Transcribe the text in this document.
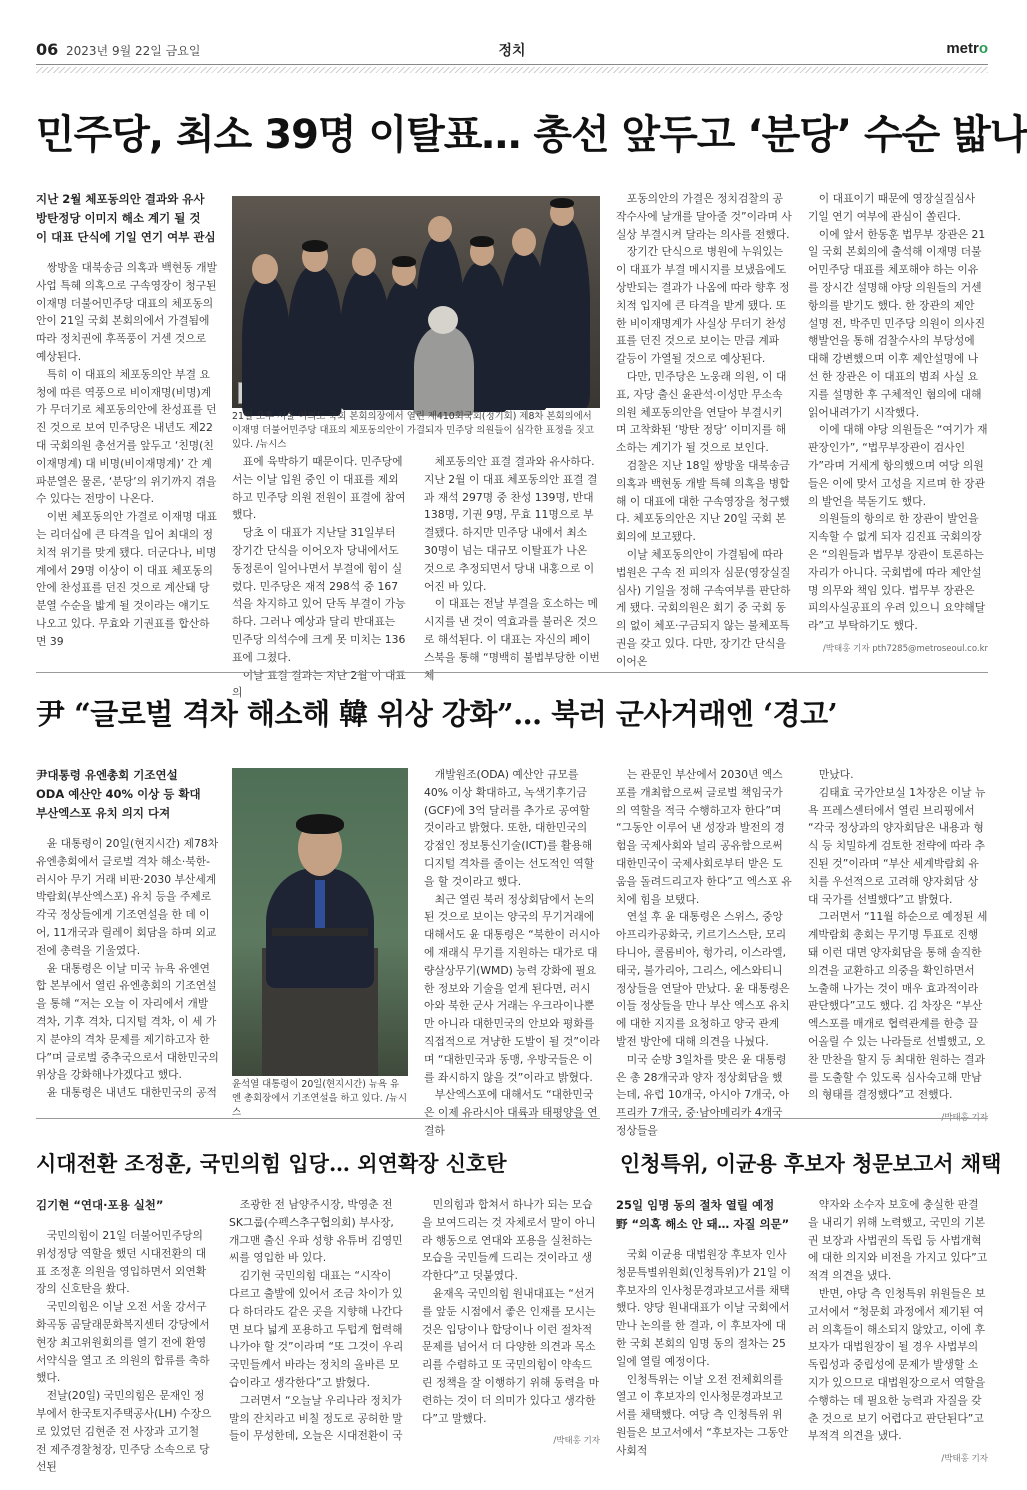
06 2023년 9월 22일 금요일	정치	metro
민주당, 최소 39명 이탈표… 총선 앞두고 ‘분당’ 수순 밟나
지난 2월 체포동의안 결과와 유사
방탄정당 이미지 해소 계기 될 것
이 대표 단식에 기일 연기 여부 관심

쌍방울 대북송금 의혹과 백현동 개발사업 특혜 의혹으로 구속영장이 청구된 이재명 더불어민주당 대표의 체포동의안이 21일 국회 본회의에서 가결됨에 따라 정치권에 후폭풍이 거센 것으로 예상된다.

특히 이 대표의 체포동의안 부결 요청에 따른 역풍으로 비이재명(비명)계가 무더기로 체포동의안에 찬성표를 던진 것으로 보여 민주당은 내년도 제22대 국회의원 총선거를 앞두고 ‘친명(친이재명계) 대 비명(비이재명계)’ 간 계파분열은 물론, ‘분당’의 위기까지 겪을 수 있다는 전망이 나온다.

이번 체포동의안 가결로 이재명 대표는 리더십에 큰 타격을 입어 최대의 정치적 위기를 맞게 됐다. 더군다나, 비명계에서 29명 이상이 이 대표 체포동의안에 찬성표를 던진 것으로 계산돼 당 분열 수순을 밟게 될 것이라는 얘기도 나오고 있다. 무효와 기권표를 합산하면 39

21일 오후 서울 여의도 국회 본회의장에서 열린 제410회국회(정기회) 제8차 본회의에서 이재명 더불어민주당 대표의 체포동의안이 가결되자 민주당 의원들이 심각한 표정을 짓고 있다. /뉴시스

표에 육박하기 때문이다. 민주당에서는 이날 입원 중인 이 대표를 제외하고 민주당 의원 전원이 표결에 참여했다.

당초 이 대표가 지난달 31일부터 장기간 단식을 이어오자 당내에서도 동정론이 일어나면서 부결에 힘이 실렸다. 민주당은 재적 298석 중 167석을 차지하고 있어 단독 부결이 가능하다. 그러나 예상과 달리 반대표는 민주당 의석수에 크게 못 미치는 136표에 그쳤다.

이날 표결 결과는 지난 2월 이 대표의

체포동의안 표결 결과와 유사하다. 지난 2월 이 대표 체포동의안 표결 결과 재석 297명 중 찬성 139명, 반대 138명, 기권 9명, 무효 11명으로 부결됐다. 하지만 민주당 내에서 최소 30명이 넘는 대규모 이탈표가 나온 것으로 추정되면서 당내 내홍으로 이어진 바 있다.

이 대표는 전날 부결을 호소하는 메시지를 낸 것이 역효과를 불러온 것으로 해석된다. 이 대표는 자신의 페이스북을 통해 “명백히 불법부당한 이번 체

포동의안의 가결은 정치검찰의 공작수사에 날개를 달아줄 것”이라며 사실상 부결시켜 달라는 의사를 전했다.

장기간 단식으로 병원에 누워있는 이 대표가 부결 메시지를 보냈음에도 상반되는 결과가 나옴에 따라 향후 정치적 입지에 큰 타격을 받게 됐다. 또한 비이재명계가 사실상 무더기 찬성표를 던진 것으로 보이는 만큼 계파 갈등이 가열될 것으로 예상된다.

다만, 민주당은 노웅래 의원, 이 대표, 자당 출신 윤관석·이성만 무소속 의원 체포동의안을 연달아 부결시키며 고착화된 ‘방탄 정당’ 이미지를 해소하는 계기가 될 것으로 보인다.

검찰은 지난 18일 쌍방울 대북송금 의혹과 백현동 개발 특혜 의혹을 병합해 이 대표에 대한 구속영장을 청구했다. 체포동의안은 지난 20일 국회 본회의에 보고됐다.

이날 체포동의안이 가결됨에 따라 법원은 구속 전 피의자 심문(영장실질심사) 기일을 정해 구속여부를 판단하게 됐다. 국회의원은 회기 중 국회 동의 없이 체포·구금되지 않는 불체포특권을 갖고 있다. 다만, 장기간 단식을 이어온

이 대표이기 때문에 영장실질심사 기일 연기 여부에 관심이 쏠린다.

이에 앞서 한동훈 법무부 장관은 21일 국회 본회의에 출석해 이재명 더불어민주당 대표를 체포해야 하는 이유를 장시간 설명해 야당 의원들의 거센 항의를 받기도 했다. 한 장관의 제안 설명 전, 박주민 민주당 의원이 의사진행발언을 통해 검찰수사의 부당성에 대해 강변했으며 이후 제안설명에 나선 한 장관은 이 대표의 범죄 사실 요지를 설명한 후 구체적인 혐의에 대해 읽어내려가기 시작했다.

이에 대해 야당 의원들은 “여기가 재판장인가”, “법무부장관이 검사인가”라며 거세게 항의했으며 여당 의원들은 이에 맞서 고성을 지르며 한 장관의 발언을 북돋기도 했다.

의원들의 항의로 한 장관이 발언을 지속할 수 없게 되자 김진표 국회의장은 “의원들과 법무부 장관이 토론하는 자리가 아니다. 국회법에 따라 제안설명 의무와 책임 있다. 법무부 장관은 피의사실공표의 우려 있으니 요약해달라”고 부탁하기도 했다.

/박태홍 기자 pth7285@metroseoul.co.kr
尹 “글로벌 격차 해소해 韓 위상 강화”… 북러 군사거래엔 ‘경고’
尹대통령 유엔총회 기조연설
ODA 예산안 40% 이상 등 확대
부산엑스포 유치 의지 다져

윤 대통령이 20일(현지시간) 제78차 유엔총회에서 글로벌 격차 해소·북한-러시아 무기 거래 비판·2030 부산세계박람회(부산엑스포) 유치 등을 주제로 각국 정상들에게 기조연설을 한 데 이어, 11개국과 릴레이 회담을 하며 외교전에 총력을 기울였다.

윤 대통령은 이날 미국 뉴욕 유엔연합 본부에서 열린 유엔총회의 기조연설을 통해 “저는 오늘 이 자리에서 개발 격차, 기후 격차, 디지털 격차, 이 세 가지 분야의 격차 문제를 제기하고자 한다”며 글로벌 중추국으로서 대한민국의 위상을 강화해나가겠다고 했다.

윤 대통령은 내년도 대한민국의 공적

윤석열 대통령이 20일(현지시간) 뉴욕 유엔 총회장에서 기조연설을 하고 있다. /뉴시스

개발원조(ODA) 예산안 규모를 40% 이상 확대하고, 녹색기후기금(GCF)에 3억 달러를 추가로 공여할 것이라고 밝혔다. 또한, 대한민국의 강점인 정보통신기술(ICT)를 활용해 디지털 격차를 줄이는 선도적인 역할을 할 것이라고 했다.

최근 열린 북러 정상회담에서 논의된 것으로 보이는 양국의 무기거래에 대해서도 윤 대통령은 “북한이 러시아에 재래식 무기를 지원하는 대가로 대량살상무기(WMD) 능력 강화에 필요한 정보와 기술을 얻게 된다면, 러시아와 북한 군사 거래는 우크라이나뿐만 아니라 대한민국의 안보와 평화를 직접적으로 겨냥한 도발이 될 것”이라며 “대한민국과 동맹, 우방국들은 이를 좌시하지 않을 것”이라고 밝혔다.

부산엑스포에 대해서도 “대한민국은 이제 유라시아 대륙과 태평양을 연결하

는 관문인 부산에서 2030년 엑스포를 개최함으로써 글로벌 책임국가의 역할을 적극 수행하고자 한다”며 “그동안 이루어 낸 성장과 발전의 경험을 국제사회와 널리 공유함으로써 대한민국이 국제사회로부터 받은 도움을 돌려드리고자 한다”고 엑스포 유치에 힘을 보탰다.

연설 후 윤 대통령은 스위스, 중앙아프리카공화국, 키르기스스탄, 모리타니아, 콜롬비아, 헝가리, 이스라엘, 태국, 불가리아, 그리스, 에스와티니 정상들을 연달아 만났다. 윤 대통령은 이들 정상들을 만나 부산 엑스포 유치에 대한 지지를 요청하고 양국 관계 발전 방안에 대해 의견을 나눴다.

미국 순방 3일차를 맞은 윤 대통령은 총 28개국과 양자 정상회담을 했는데, 유럽 10개국, 아시아 7개국, 아프리카 7개국, 중·남아메리카 4개국 정상들을

만났다.

김태효 국가안보실 1차장은 이날 뉴욕 프레스센터에서 열린 브리핑에서 “각국 정상과의 양자회담은 내용과 형식 등 치밀하게 검토한 전략에 따라 추진된 것”이라며 “부산 세계박람회 유치를 우선적으로 고려해 양자회담 상대 국가를 선별했다”고 밝혔다.

그러면서 “11월 하순으로 예정된 세계박람회 총회는 무기명 투표로 진행돼 이런 대면 양자회담을 통해 솔직한 의견을 교환하고 의중을 확인하면서 노출해 나가는 것이 매우 효과적이라 판단했다”고도 했다. 김 차장은 “부산 엑스포를 매개로 협력관계를 한층 끌어올릴 수 있는 나라들로 선별했고, 오찬 만찬을 할지 등 최대한 원하는 결과를 도출할 수 있도록 심사숙고해 만남의 형태를 결정했다”고 전했다.

/박태홍 기자
시대전환 조정훈, 국민의힘 입당… 외연확장 신호탄
김기현 “연대·포용 실천”

국민의힘이 21일 더불어민주당의 위성정당 역할을 했던 시대전환의 대표 조정훈 의원을 영입하면서 외연확장의 신호탄을 쐈다.

국민의힘은 이날 오전 서울 강서구 화곡동 곰달래문화복지센터 강당에서 현장 최고위원회의를 열기 전에 환영 서약식을 열고 조 의원의 합류를 축하했다.

전날(20일) 국민의힘은 문재인 정부에서 한국토지주택공사(LH) 수장으로 있었던 김현준 전 사장과 고기철 전 제주경찰청장, 민주당 소속으로 당선된

조광한 전 남양주시장, 박영춘 전 SK그룹(수펙스추구협의회) 부사장, 개그맨 출신 우파 성향 유튜버 김영민 씨를 영입한 바 있다.

김기현 국민의힘 대표는 “시작이 다르고 출발에 있어서 조금 차이가 있다 하더라도 같은 곳을 지향해 나간다면 보다 넓게 포용하고 두텁게 협력해 나가야 할 것”이라며 “또 그것이 우리 국민들께서 바라는 정치의 올바른 모습이라고 생각한다”고 밝혔다.

그러면서 “오늘날 우리나라 정치가 말의 잔치라고 비칠 정도로 공허한 말들이 무성한데, 오늘은 시대전환이 국

민의힘과 합쳐서 하나가 되는 모습을 보여드리는 것 자체로서 말이 아니라 행동으로 연대와 포용을 실천하는 모습을 국민들께 드리는 것이라고 생각한다”고 덧붙였다.

윤재옥 국민의힘 원내대표는 “선거를 앞둔 시점에서 좋은 인재를 모시는 것은 입당이나 합당이나 이런 절차적 문제를 넘어서 더 다양한 의견과 목소리를 수렴하고 또 국민의힘이 약속드린 정책을 잘 이행하기 위해 동력을 마련하는 것이 더 의미가 있다고 생각한다”고 말했다.

/박태홍 기자
인청특위, 이균용 후보자 청문보고서 채택
25일 임명 동의 절차 열릴 예정
野 “의혹 해소 안 돼… 자질 의문”

국회 이균용 대법원장 후보자 인사청문특별위원회(인청특위)가 21일 이 후보자의 인사청문경과보고서를 채택했다. 양당 원내대표가 이날 국회에서 만나 논의를 한 결과, 이 후보자에 대한 국회 본회의 임명 동의 절차는 25일에 열릴 예정이다.

인청특위는 이날 오전 전체회의를 열고 이 후보자의 인사청문경과보고서를 채택했다. 여당 측 인청특위 위원들은 보고서에서 “후보자는 그동안 사회적

약자와 소수자 보호에 충실한 판결을 내리기 위해 노력했고, 국민의 기본권 보장과 사법권의 독립 등 사법개혁에 대한 의지와 비전을 가지고 있다”고 적격 의견을 냈다.

반면, 야당 측 인청특위 위원들은 보고서에서 “청문회 과정에서 제기된 여러 의혹들이 해소되지 않았고, 이에 후보자가 대법원장이 될 경우 사법부의 독립성과 중립성에 문제가 발생할 소지가 있으므로 대법원장으로서 역할을 수행하는 데 필요한 능력과 자질을 갖춘 것으로 보기 어렵다고 판단된다”고 부적격 의견을 냈다.

/박태홍 기자
